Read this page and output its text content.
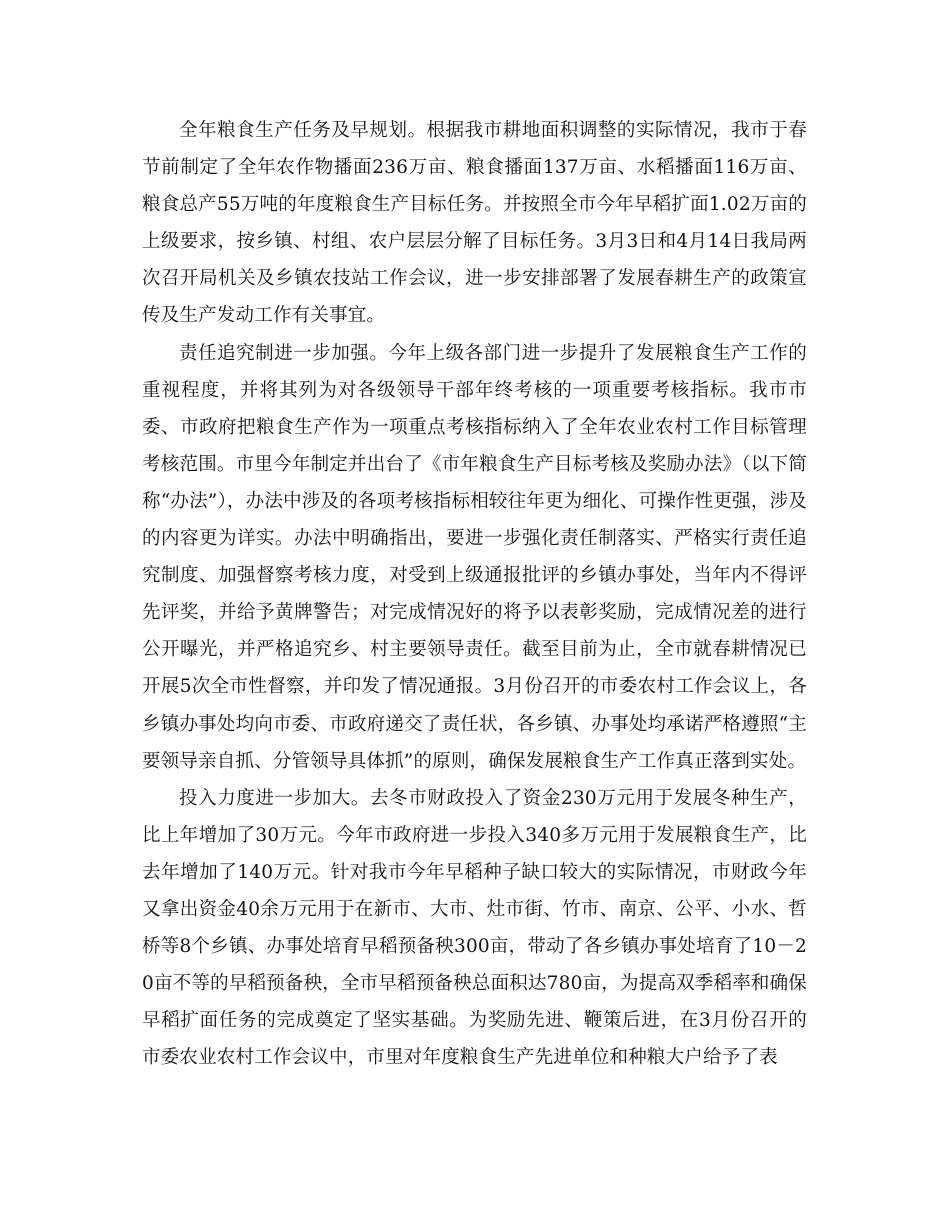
全年粮食生产任务及早规划。根据我市耕地面积调整的实际情况，我市于春节前制定了全年农作物播面236万亩、粮食播面137万亩、水稻播面116万亩、粮食总产55万吨的年度粮食生产目标任务。并按照全市今年早稻扩面1.02万亩的上级要求，按乡镇、村组、农户层层分解了目标任务。3月3日和4月14日我局两次召开局机关及乡镇农技站工作会议，进一步安排部署了发展春耕生产的政策宣传及生产发动工作有关事宜。

责任追究制进一步加强。今年上级各部门进一步提升了发展粮食生产工作的重视程度，并将其列为对各级领导干部年终考核的一项重要考核指标。我市市委、市政府把粮食生产作为一项重点考核指标纳入了全年农业农村工作目标管理考核范围。市里今年制定并出台了《市年粮食生产目标考核及奖励办法》（以下简称“办法”），办法中涉及的各项考核指标相较往年更为细化、可操作性更强，涉及的内容更为详实。办法中明确指出，要进一步强化责任制落实、严格实行责任追究制度、加强督察考核力度，对受到上级通报批评的乡镇办事处，当年内不得评先评奖，并给予黄牌警告；对完成情况好的将予以表彰奖励，完成情况差的进行公开曝光，并严格追究乡、村主要领导责任。截至目前为止，全市就春耕情况已开展5次全市性督察，并印发了情况通报。3月份召开的市委农村工作会议上，各乡镇办事处均向市委、市政府递交了责任状，各乡镇、办事处均承诺严格遵照“主要领导亲自抓、分管领导具体抓”的原则，确保发展粮食生产工作真正落到实处。

投入力度进一步加大。去冬市财政投入了资金230万元用于发展冬种生产，比上年增加了30万元。今年市政府进一步投入340多万元用于发展粮食生产，比去年增加了140万元。针对我市今年早稻种子缺口较大的实际情况，市财政今年又拿出资金40余万元用于在新市、大市、灶市街、竹市、南京、公平、小水、哲桥等8个乡镇、办事处培育早稻预备秧300亩，带动了各乡镇办事处培育了10－20亩不等的早稻预备秧，全市早稻预备秧总面积达780亩，为提高双季稻率和确保早稻扩面任务的完成奠定了坚实基础。为奖励先进、鞭策后进，在3月份召开的市委农业农村工作会议中，市里对年度粮食生产先进单位和种粮大户给予了表
